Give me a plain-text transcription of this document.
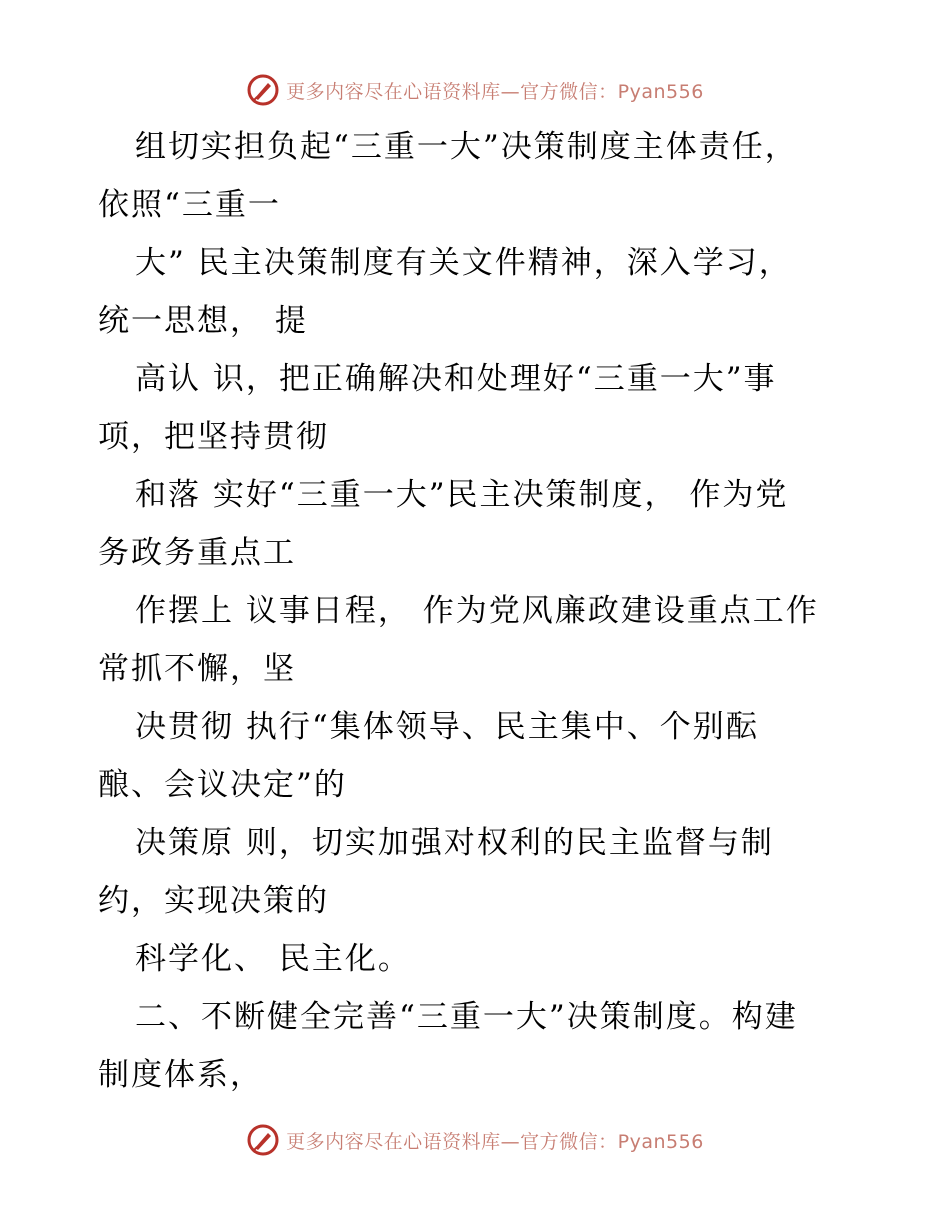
更多内容尽在心语资料库—官方微信：Pyan556

组切实担负起“三重一大”决策制度主体责任，
依照“三重一

大” 民主决策制度有关文件精神，深入学习，
统一思想， 提

高认 识，把正确解决和处理好“三重一大”事
项，把坚持贯彻

和落 实好“三重一大”民主决策制度， 作为党
务政务重点工

作摆上 议事日程， 作为党风廉政建设重点工作
常抓不懈，坚

决贯彻 执行“集体领导、民主集中、个别酝
酿、会议决定”的

决策原 则，切实加强对权利的民主监督与制
约，实现决策的

科学化、 民主化。

二、不断健全完善“三重一大”决策制度。构建
制度体系，

更多内容尽在心语资料库—官方微信：Pyan556
